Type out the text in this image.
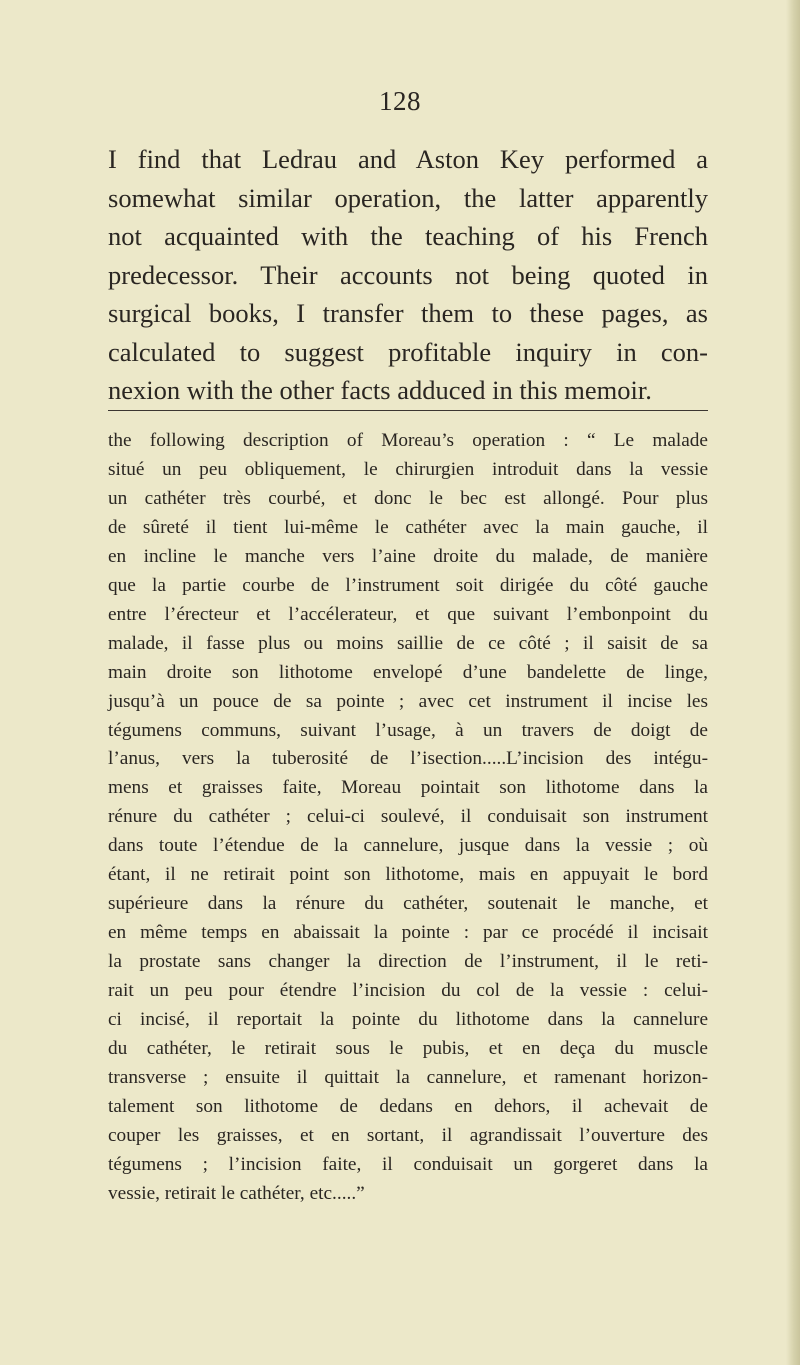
128
I find that Ledrau and Aston Key performed a
somewhat similar operation, the latter apparently
not acquainted with the teaching of his French
predecessor. Their accounts not being quoted in
surgical books, I transfer them to these pages, as
calculated to suggest profitable inquiry in con-
nexion with the other facts adduced in this memoir.
the following description of Moreau’s operation : “ Le malade
situé un peu obliquement, le chirurgien introduit dans la vessie
un cathéter très courbé, et donc le bec est allongé. Pour plus
de sûreté il tient lui-même le cathéter avec la main gauche, il
en incline le manche vers l’aine droite du malade, de manière
que la partie courbe de l’instrument soit dirigée du côté gauche
entre l’érecteur et l’accélerateur, et que suivant l’embonpoint du
malade, il fasse plus ou moins saillie de ce côté ; il saisit de sa
main droite son lithotome envelopé d’une bandelette de linge,
jusqu’à un pouce de sa pointe ; avec cet instrument il incise les
tégumens communs, suivant l’usage, à un travers de doigt de
l’anus, vers la tuberosité de l’isection.....L’incision des intégu-
mens et graisses faite, Moreau pointait son lithotome dans la
rénure du cathéter ; celui-ci soulevé, il conduisait son instrument
dans toute l’étendue de la cannelure, jusque dans la vessie ; où
étant, il ne retirait point son lithotome, mais en appuyait le bord
supérieure dans la rénure du cathéter, soutenait le manche, et
en même temps en abaissait la pointe : par ce procédé il incisait
la prostate sans changer la direction de l’instrument, il le reti-
rait un peu pour étendre l’incision du col de la vessie : celui-
ci incisé, il reportait la pointe du lithotome dans la cannelure
du cathéter, le retirait sous le pubis, et en deça du muscle
transverse ; ensuite il quittait la cannelure, et ramenant horizon-
talement son lithotome de dedans en dehors, il achevait de
couper les graisses, et en sortant, il agrandissait l’ouverture des
tégumens ; l’incision faite, il conduisait un gorgeret dans la
vessie, retirait le cathéter, etc.....”
